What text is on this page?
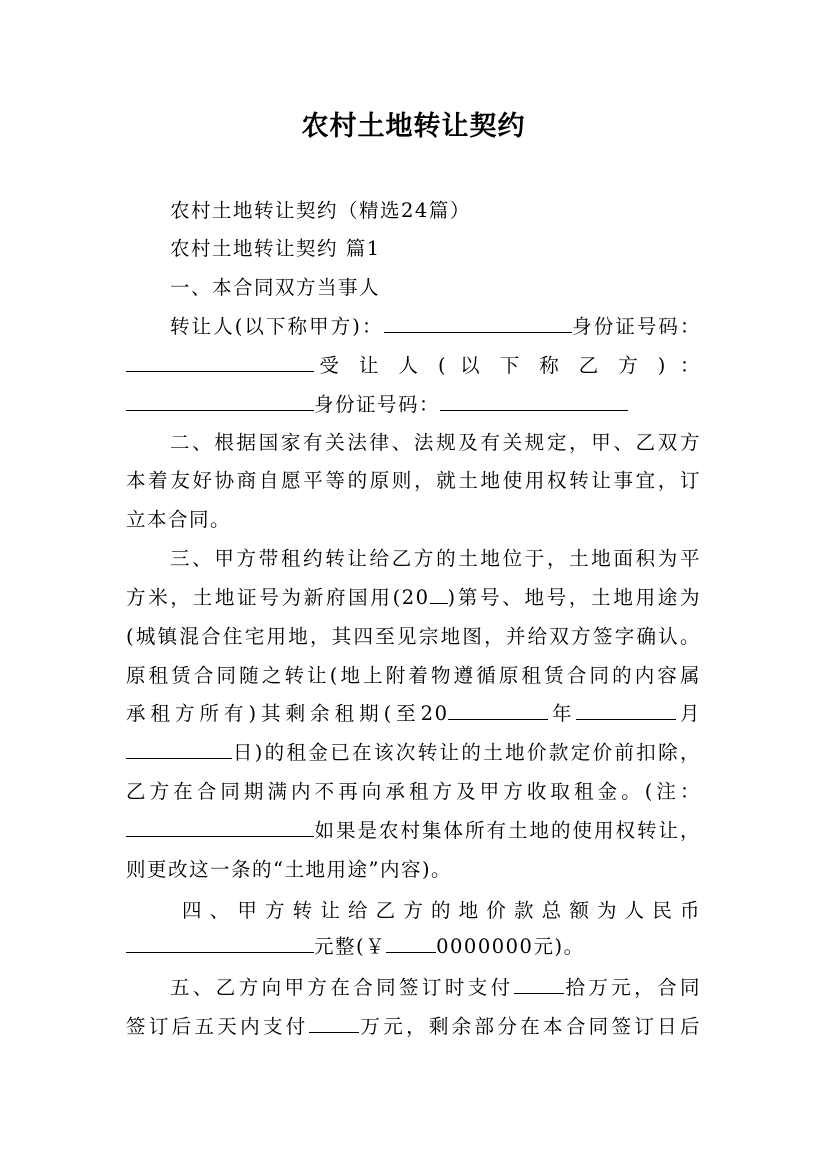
农村土地转让契约
农村土地转让契约（精选24篇）
农村土地转让契约 篇1
一、本合同双方当事人
转让人(以下称甲方)：	身份证号码：
受 让 人 ( 以 下 称 乙 方 ) ：
身份证号码：
二、根据国家有关法律、法规及有关规定，甲、乙双方
本着友好协商自愿平等的原则，就土地使用权转让事宜，订
立本合同。
三、甲方带租约转让给乙方的土地位于，土地面积为平
方米，土地证号为新府国用(20 )第号、地号，土地用途为
(城镇混合住宅用地，其四至见宗地图，并给双方签字确认。
原租赁合同随之转让(地上附着物遵循原租赁合同的内容属
承租方所有)其剩余租期(至20	年	月
日)的租金已在该次转让的土地价款定价前扣除，
乙方在合同期满内不再向承租方及甲方收取租金。(注：
如果是农村集体所有土地的使用权转让，
则更改这一条的“土地用途”内容)。
四、甲方转让给乙方的地价款总额为人民币
元整(￥	0000000元)。
五、乙方向甲方在合同签订时支付	拾万元，合同
签订后五天内支付	万元，剩余部分在本合同签订日后
